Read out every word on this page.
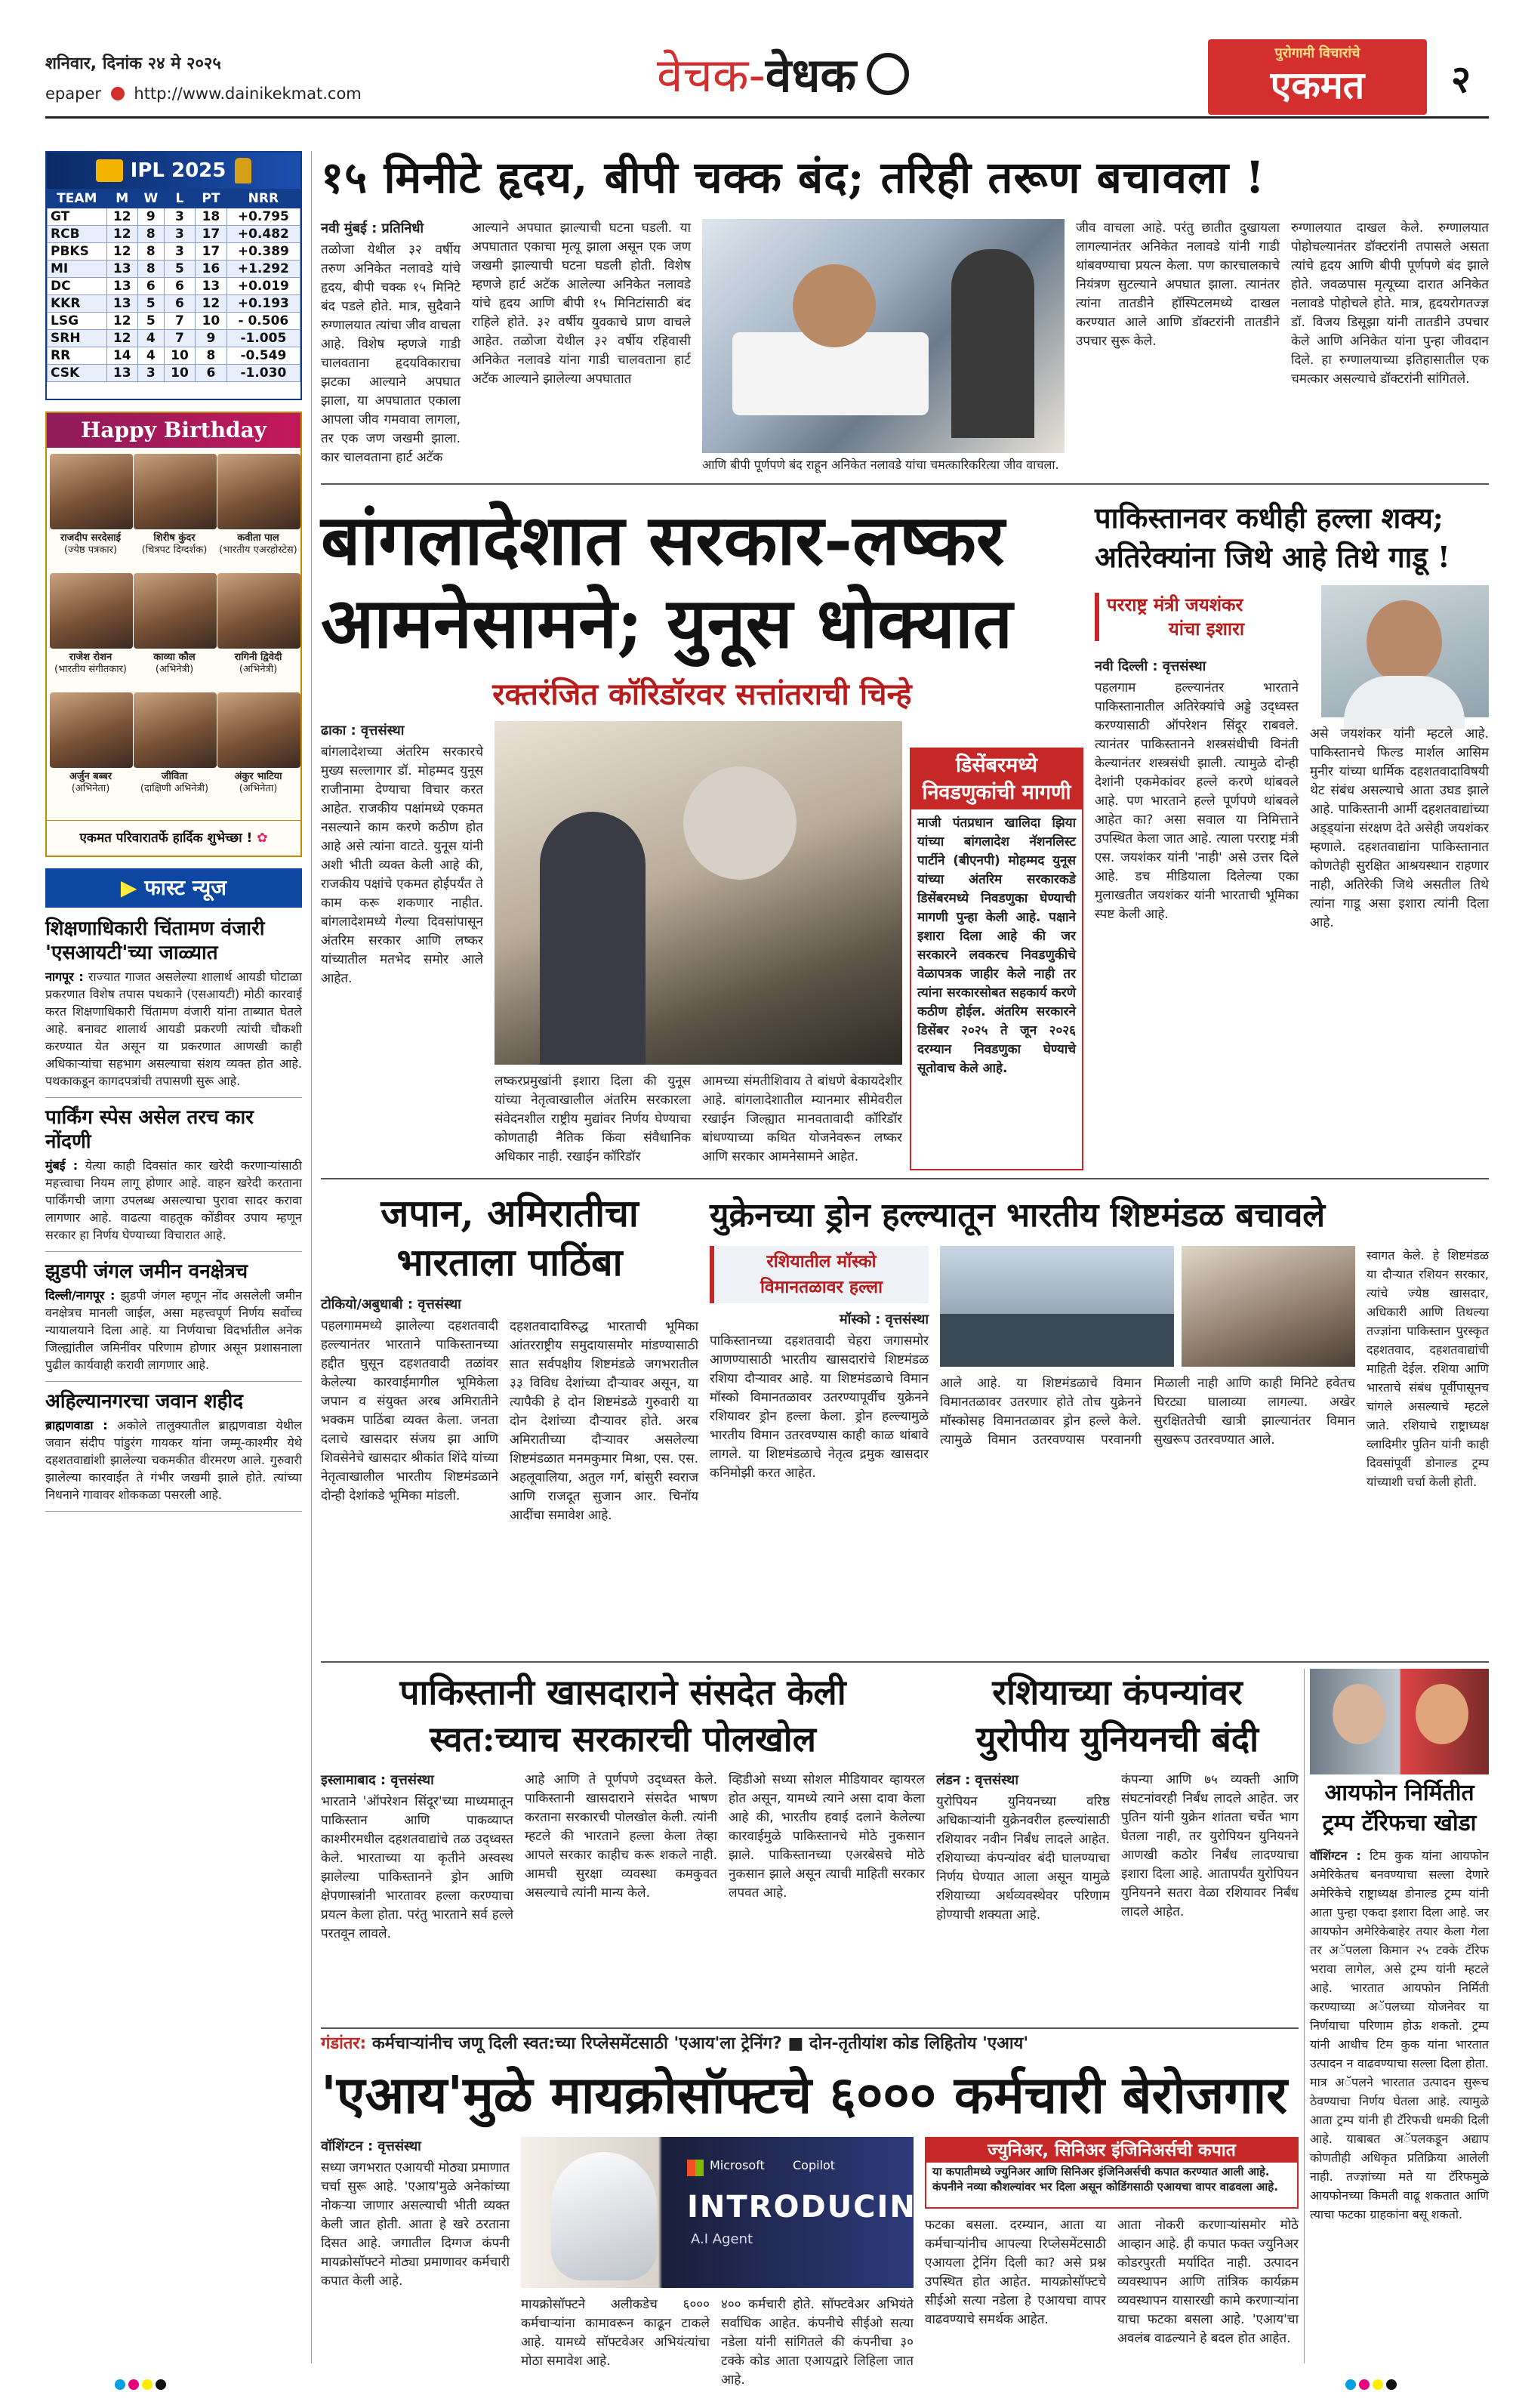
शनिवार, दिनांक २४ मे २०२५
epaper http://www.dainikekmat.com	वेचक-वेधक	पुरोगामी विचारांचे
एकमत	२
IPL 2025
TEAM	M	W	L	PT	NRR
GT	12	9	3	18	+0.795
RCB	12	8	3	17	+0.482
PBKS	12	8	3	17	+0.389
MI	13	8	5	16	+1.292
DC	13	6	6	13	+0.019
KKR	13	5	6	12	+0.193
LSG	12	5	7	10	- 0.506
SRH	12	4	7	9	-1.005
RR	14	4	10	8	-0.549
CSK	13	3	10	6	-1.030
Happy Birthday
राजदीप सरदेसाई
(ज्येष्ठ पत्रकार)
शिरीष कुंदर
(चित्रपट दिग्दर्शक)
कवीता पाल
(भारतीय एअरहोस्टेस)
राजेश रोशन
(भारतीय संगीतकार)
काव्या कौल
(अभिनेत्री)
रागिनी द्विवेदी
(अभिनेत्री)
अर्जुन बब्बर
(अभिनेता)
जीविता
(दाक्षिणी अभिनेत्री)
अंकुर भाटिया
(अभिनेता)
एकमत परिवारातर्फे हार्दिक शुभेच्छा ! ✿
▶ फास्ट न्यूज
शिक्षणाधिकारी चिंतामण वंजारी 'एसआयटी'च्या जाळ्यात

नागपूर : राज्यात गाजत असलेल्या शालार्थ आयडी घोटाळा प्रकरणात विशेष तपास पथकाने (एसआयटी) मोठी कारवाई करत शिक्षणाधिकारी चिंतामण वंजारी यांना ताब्यात घेतले आहे. बनावट शालार्थ आयडी प्रकरणी त्यांची चौकशी करण्यात येत असून या प्रकरणात आणखी काही अधिकाऱ्यांचा सहभाग असल्याचा संशय व्यक्त होत आहे. पथकाकडून कागदपत्रांची तपासणी सुरू आहे.

पार्किंग स्पेस असेल तरच कार नोंदणी

मुंबई : येत्या काही दिवसांत कार खरेदी करणाऱ्यांसाठी महत्त्वाचा नियम लागू होणार आहे. वाहन खरेदी करताना पार्किंगची जागा उपलब्ध असल्याचा पुरावा सादर करावा लागणार आहे. वाढत्या वाहतूक कोंडीवर उपाय म्हणून सरकार हा निर्णय घेण्याच्या विचारात आहे.

झुडपी जंगल जमीन वनक्षेत्रच

दिल्ली/नागपूर : झुडपी जंगल म्हणून नोंद असलेली जमीन वनक्षेत्रच मानली जाईल, असा महत्त्वपूर्ण निर्णय सर्वोच्च न्यायालयाने दिला आहे. या निर्णयाचा विदर्भातील अनेक जिल्ह्यांतील जमिनींवर परिणाम होणार असून प्रशासनाला पुढील कार्यवाही करावी लागणार आहे.

अहिल्यानगरचा जवान शहीद

ब्राह्मणवाडा : अकोले तालुक्यातील ब्राह्मणवाडा येथील जवान संदीप पांडुरंग गायकर यांना जम्मू-काश्मीर येथे दहशतवाद्यांशी झालेल्या चकमकीत वीरमरण आले. गुरुवारी झालेल्या कारवाईत ते गंभीर जखमी झाले होते. त्यांच्या निधनाने गावावर शोककळा पसरली आहे.

१५ मिनीटे हृदय, बीपी चक्क बंद; तरिही तरूण बचावला !
नवी मुंबई : प्रतिनिधी
तळोजा येथील ३२ वर्षीय तरुण अनिकेत नलावडे यांचे हृदय, बीपी चक्क १५ मिनिटे बंद पडले होते. मात्र, सुदैवाने रुग्णालयात त्यांचा जीव वाचला आहे. विशेष म्हणजे गाडी चालवताना हृदयविकाराचा झटका आल्याने अपघात झाला, या अपघातात एकाला आपला जीव गमवावा लागला, तर एक जण जखमी झाला. कार चालवताना हार्ट अटॅक
आल्याने अपघात झाल्याची घटना घडली. या अपघातात एकाचा मृत्यू झाला असून एक जण जखमी झाल्याची घटना घडली होती. विशेष म्हणजे हार्ट अटॅक आलेल्या अनिकेत नलावडे यांचे हृदय आणि बीपी १५ मिनिटांसाठी बंद राहिले होते. ३२ वर्षीय युवकाचे प्राण वाचले आहेत. तळोजा येथील ३२ वर्षीय रहिवासी अनिकेत नलावडे यांना गाडी चालवताना हार्ट अटॅक आल्याने झालेल्या अपघातात
आणि बीपी पूर्णपणे बंद राहून अनिकेत नलावडे यांचा चमत्कारिकरित्या जीव वाचला.
जीव वाचला आहे. परंतु छातीत दुखायला लागल्यानंतर अनिकेत नलावडे यांनी गाडी थांबवण्याचा प्रयत्न केला. पण कारचालकाचे नियंत्रण सुटल्याने अपघात झाला. त्यानंतर त्यांना तातडीने हॉस्पिटलमध्ये दाखल करण्यात आले आणि डॉक्टरांनी तातडीने उपचार सुरू केले.
रुग्णालयात दाखल केले. रुग्णालयात पोहोचल्यानंतर डॉक्टरांनी तपासले असता त्यांचे हृदय आणि बीपी पूर्णपणे बंद झाले होते. जवळपास मृत्यूच्या दारात अनिकेत नलावडे पोहोचले होते. मात्र, हृदयरोगतज्ज्ञ डॉ. विजय डिसूझा यांनी तातडीने उपचार केले आणि अनिकेत यांना पुन्हा जीवदान दिले. हा रुग्णालयाच्या इतिहासातील एक चमत्कार असल्याचे डॉक्टरांनी सांगितले.
बांगलादेशात सरकार-लष्कर
आमनेसामने; युनूस धोक्यात
रक्तरंजित कॉरिडॉरवर सत्तांतराची चिन्हे
ढाका : वृत्तसंस्था
बांगलादेशच्या अंतरिम सरकारचे मुख्य सल्लागार डॉ. मोहम्मद युनूस राजीनामा देण्याचा विचार करत आहेत. राजकीय पक्षांमध्ये एकमत नसल्याने काम करणे कठीण होत आहे असे त्यांना वाटते. युनूस यांनी अशी भीती व्यक्त केली आहे की, राजकीय पक्षांचे एकमत होईपर्यंत ते काम करू शकणार नाहीत. बांगलादेशमध्ये गेल्या दिवसांपासून अंतरिम सरकार आणि लष्कर यांच्यातील मतभेद समोर आले आहेत.
लष्करप्रमुखांनी इशारा दिला की युनूस यांच्या नेतृत्वाखालील अंतरिम सरकारला संवेदनशील राष्ट्रीय मुद्यांवर निर्णय घेण्याचा कोणताही नैतिक किंवा संवैधानिक अधिकार नाही. रखाईन कॉरिडॉर
आमच्या संमतीशिवाय ते बांधणे बेकायदेशीर आहे. बांगलादेशातील म्यानमार सीमेवरील रखाईन जिल्ह्यात मानवतावादी कॉरिडॉर बांधण्याच्या कथित योजनेवरून लष्कर आणि सरकार आमनेसामने आहेत.
डिसेंबरमध्ये
निवडणुकांची मागणी
माजी पंतप्रधान खालिदा झिया यांच्या बांगलादेश नॅशनलिस्ट पार्टीने (बीएनपी) मोहम्मद युनूस यांच्या अंतरिम सरकारकडे डिसेंबरमध्ये निवडणुका घेण्याची मागणी पुन्हा केली आहे. पक्षाने इशारा दिला आहे की जर सरकारने लवकरच निवडणुकीचे वेळापत्रक जाहीर केले नाही तर त्यांना सरकारसोबत सहकार्य करणे कठीण होईल. अंतरिम सरकारने डिसेंबर २०२५ ते जून २०२६ दरम्यान निवडणुका घेण्याचे सूतोवाच केले आहे.
पाकिस्तानवर कधीही हल्ला शक्य;
अतिरेक्यांना जिथे आहे तिथे गाडू !
परराष्ट्र मंत्री जयशंकर
यांचा इशारा
नवी दिल्ली : वृत्तसंस्था
पहलगाम हल्ल्यानंतर भारताने पाकिस्तानातील अतिरेक्यांचे अड्डे उद्ध्वस्त करण्यासाठी ऑपरेशन सिंदूर राबवले. त्यानंतर पाकिस्तानने शस्त्रसंधीची विनंती केल्यानंतर शस्त्रसंधी झाली. त्यामुळे दोन्ही देशांनी एकमेकांवर हल्ले करणे थांबवले आहे. पण भारताने हल्ले पूर्णपणे थांबवले आहेत का? असा सवाल या निमित्ताने उपस्थित केला जात आहे. त्याला परराष्ट्र मंत्री एस. जयशंकर यांनी 'नाही' असे उत्तर दिले आहे. डच मीडियाला दिलेल्या एका मुलाखतीत जयशंकर यांनी भारताची भूमिका स्पष्ट केली आहे.
असे जयशंकर यांनी म्हटले आहे. पाकिस्तानचे फिल्ड मार्शल आसिम मुनीर यांच्या धार्मिक दहशतवादाविषयी थेट संबंध असल्याचे आता उघड झाले आहे. पाकिस्तानी आर्मी दहशतवाद्यांच्या अड्ड्यांना संरक्षण देते असेही जयशंकर म्हणाले. दहशतवाद्यांना पाकिस्तानात कोणतेही सुरक्षित आश्रयस्थान राहणार नाही, अतिरेकी जिथे असतील तिथे त्यांना गाडू असा इशारा त्यांनी दिला आहे.
जपान, अमिरातीचा
भारताला पाठिंबा
टोकियो/अबुधाबी : वृत्तसंस्था
पहलगाममध्ये झालेल्या दहशतवादी हल्ल्यानंतर भारताने पाकिस्तानच्या हद्दीत घुसून दहशतवादी तळांवर केलेल्या कारवाईमागील भूमिकेला जपान व संयुक्त अरब अमिरातीने भक्कम पाठिंबा व्यक्त केला. जनता दलाचे खासदार संजय झा आणि शिवसेनेचे खासदार श्रीकांत शिंदे यांच्या नेतृत्वाखालील भारतीय शिष्टमंडळाने दोन्ही देशांकडे भूमिका मांडली.
दहशतवादाविरुद्ध भारताची भूमिका आंतरराष्ट्रीय समुदायासमोर मांडण्यासाठी सात सर्वपक्षीय शिष्टमंडळे जगभरातील ३३ विविध देशांच्या दौऱ्यावर असून, या त्यापैकी हे दोन शिष्टमंडळे गुरुवारी या दोन देशांच्या दौऱ्यावर होते. अरब अमिरातीच्या दौऱ्यावर असलेल्या शिष्टमंडळात मनमकुमार मिश्रा, एस. एस. अहलूवालिया, अतुल गर्ग, बांसुरी स्वराज आणि राजदूत सुजान आर. चिनॉय आदींचा समावेश आहे.
युक्रेनच्या ड्रोन हल्ल्यातून भारतीय शिष्टमंडळ बचावले
रशियातील मॉस्को
विमानतळावर हल्ला
मॉस्को : वृत्तसंस्था
पाकिस्तानच्या दहशतवादी चेहरा जगासमोर आणण्यासाठी भारतीय खासदारांचे शिष्टमंडळ रशिया दौऱ्यावर आहे. या शिष्टमंडळाचे विमान मॉस्को विमानतळावर उतरण्यापूर्वीच युक्रेनने रशियावर ड्रोन हल्ला केला. ड्रोन हल्ल्यामुळे भारतीय विमान उतरवण्यास काही काळ थांबावे लागले. या शिष्टमंडळाचे नेतृत्व द्रमुक खासदार कनिमोझी करत आहेत.
आले आहे. या शिष्टमंडळाचे विमान विमानतळावर उतरणार होते तोच युक्रेनने मॉस्कोसह विमानतळावर ड्रोन हल्ले केले. त्यामुळे विमान उतरवण्यास परवानगी मिळाली नाही आणि काही मिनिटे हवेतच घिरट्या घालाव्या लागल्या. अखेर सुरक्षिततेची खात्री झाल्यानंतर विमान सुखरूप उतरवण्यात आले.
स्वागत केले. हे शिष्टमंडळ या दौऱ्यात रशियन सरकार, त्यांचे ज्येष्ठ खासदार, अधिकारी आणि तिथल्या तज्ज्ञांना पाकिस्तान पुरस्कृत दहशतवाद, दहशतवाद्यांची माहिती देईल. रशिया आणि भारताचे संबंध पूर्वीपासूनच चांगले असल्याचे म्हटले जाते. रशियाचे राष्ट्राध्यक्ष व्लादिमीर पुतिन यांनी काही दिवसांपूर्वी डोनाल्ड ट्रम्प यांच्याशी चर्चा केली होती.
पाकिस्तानी खासदाराने संसदेत केली
स्वत:च्याच सरकारची पोलखोल
इस्लामाबाद : वृत्तसंस्था
भारताने 'ऑपरेशन सिंदूर'च्या माध्यमातून पाकिस्तान आणि पाकव्याप्त काश्मीरमधील दहशतवाद्यांचे तळ उद्ध्वस्त केले. भारताच्या या कृतीने अस्वस्थ झालेल्या पाकिस्तानने ड्रोन आणि क्षेपणास्त्रांनी भारतावर हल्ला करण्याचा प्रयत्न केला होता. परंतु भारताने सर्व हल्ले परतवून लावले.
आहे आणि ते पूर्णपणे उद्ध्वस्त केले. पाकिस्तानी खासदाराने संसदेत भाषण करताना सरकारची पोलखोल केली. त्यांनी म्हटले की भारताने हल्ला केला तेव्हा आपले सरकार काहीच करू शकले नाही. आमची सुरक्षा व्यवस्था कमकुवत असल्याचे त्यांनी मान्य केले.
व्हिडीओ सध्या सोशल मीडियावर व्हायरल होत असून, यामध्ये त्याने असा दावा केला आहे की, भारतीय हवाई दलाने केलेल्या कारवाईमुळे पाकिस्तानचे मोठे नुकसान झाले. पाकिस्तानच्या एअरबेसचे मोठे नुकसान झाले असून त्याची माहिती सरकार लपवत आहे.
रशियाच्या कंपन्यांवर
युरोपीय युनियनची बंदी
लंडन : वृत्तसंस्था
युरोपियन युनियनच्या वरिष्ठ अधिकाऱ्यांनी युक्रेनवरील हल्ल्यांसाठी रशियावर नवीन निर्बंध लादले आहेत. रशियाच्या कंपन्यांवर बंदी घालण्याचा निर्णय घेण्यात आला असून यामुळे रशियाच्या अर्थव्यवस्थेवर परिणाम होण्याची शक्यता आहे.
कंपन्या आणि ७५ व्यक्ती आणि संघटनांवरही निर्बंध लादले आहेत. जर पुतिन यांनी युक्रेन शांतता चर्चेत भाग घेतला नाही, तर युरोपियन युनियनने आणखी कठोर निर्बंध लादण्याचा इशारा दिला आहे. आतापर्यंत युरोपियन युनियनने सतरा वेळा रशियावर निर्बंध लादले आहेत.
आयफोन निर्मितीत
ट्रम्प टॅरिफचा खोडा
वॉशिंग्टन : टिम कुक यांना आयफोन अमेरिकेतच बनवण्याचा सल्ला देणारे अमेरिकेचे राष्ट्राध्यक्ष डोनाल्ड ट्रम्प यांनी आता पुन्हा एकदा इशारा दिला आहे. जर आयफोन अमेरिकेबाहेर तयार केला गेला तर अॅपलला किमान २५ टक्के टॅरिफ भरावा लागेल, असे ट्रम्प यांनी म्हटले आहे. भारतात आयफोन निर्मिती करण्याच्या अॅपलच्या योजनेवर या निर्णयाचा परिणाम होऊ शकतो. ट्रम्प यांनी आधीच टिम कुक यांना भारतात उत्पादन न वाढवण्याचा सल्ला दिला होता. मात्र अॅपलने भारतात उत्पादन सुरूच ठेवण्याचा निर्णय घेतला आहे. त्यामुळे आता ट्रम्प यांनी ही टॅरिफची धमकी दिली आहे. याबाबत अॅपलकडून अद्याप कोणतीही अधिकृत प्रतिक्रिया आलेली नाही. तज्ज्ञांच्या मते या टॅरिफमुळे आयफोनच्या किमती वाढू शकतात आणि त्याचा फटका ग्राहकांना बसू शकतो.
गंडांतर: कर्मचाऱ्यांनीच जणू दिली स्वत:च्या रिप्लेसमेंटसाठी 'एआय'ला ट्रेनिंग? ■ दोन-तृतीयांश कोड लिहितोय 'एआय'
'एआय'मुळे मायक्रोसॉफ्टचे ६००० कर्मचारी बेरोजगार
वॉशिंग्टन : वृत्तसंस्था
सध्या जगभरात एआयची मोठ्या प्रमाणात चर्चा सुरू आहे. 'एआय'मुळे अनेकांच्या नोकऱ्या जाणार असल्याची भीती व्यक्त केली जात होती. आता हे खरे ठरताना दिसत आहे. जगातील दिग्गज कंपनी मायक्रोसॉफ्टने मोठ्या प्रमाणावर कर्मचारी कपात केली आहे.
Microsoft Copilot
INTRODUCING
A.I Agent
मायक्रोसॉफ्टने अलीकडेच ६००० कर्मचाऱ्यांना कामावरून काढून टाकले आहे. यामध्ये सॉफ्टवेअर अभियंत्यांचा मोठा समावेश आहे.
४०० कर्मचारी होते. सॉफ्टवेअर अभियंते सर्वाधिक आहेत. कंपनीचे सीईओ सत्या नडेला यांनी सांगितले की कंपनीचा ३० टक्के कोड आता एआयद्वारे लिहिला जात आहे.
ज्युनिअर, सिनिअर इंजिनिअर्सची कपात
या कपातीमध्ये ज्युनिअर आणि सिनिअर इंजिनिअर्सची कपात करण्यात आली आहे. कंपनीने नव्या कौशल्यांवर भर दिला असून कोडिंगसाठी एआयचा वापर वाढवला आहे.
फटका बसला. दरम्यान, आता या कर्मचाऱ्यांनीच आपल्या रिप्लेसमेंटसाठी एआयला ट्रेनिंग दिली का? असे प्रश्न उपस्थित होत आहेत. मायक्रोसॉफ्टचे सीईओ सत्या नडेला हे एआयचा वापर वाढवण्याचे समर्थक आहेत.
आता नोकरी करणाऱ्यांसमोर मोठे आव्हान आहे. ही कपात फक्त ज्युनिअर कोडरपुरती मर्यादित नाही. उत्पादन व्यवस्थापन आणि तांत्रिक कार्यक्रम व्यवस्थापन यासारखी कामे करणाऱ्यांना याचा फटका बसला आहे. 'एआय'चा अवलंब वाढल्याने हे बदल होत आहेत.
